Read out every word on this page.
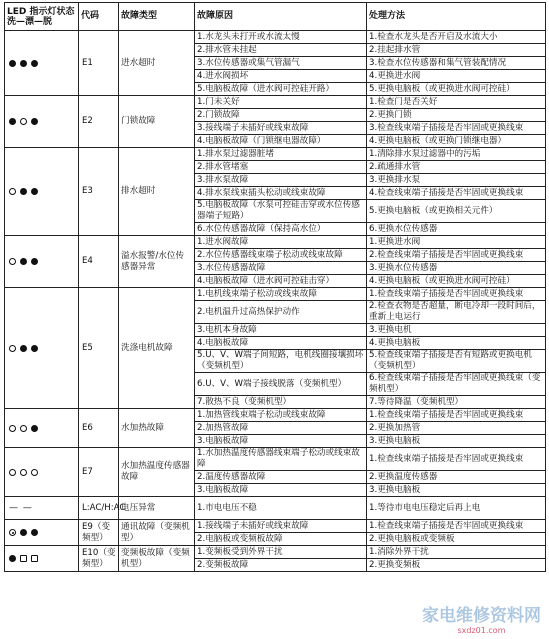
LED 指示灯状态
洗—漂—脱	代码	故障类型	故障原因	处理方法

	E1	进水超时	1.水龙头未打开或水流太慢	1.检查水龙头是否开启及水流大小
			2.排水管未挂起	2.挂起排水管
			3.水位传感器或集气管漏气	3.检查水位传感器和集气管装配情况
			4.进水阀损坏	4.更换进水阀
			5.电脑板故障（进水阀可控硅开路）	5.更换电脑板（或更换进水阀可控硅）

	E2	门锁故障	1.门未关好	1.检查门是否关好
			2.门锁故障	2.更换门锁
			3.接线端子未插好或线束故障	3.检查线束端子插接是否牢固或更换线束
			4.电脑板故障（门锁继电器故障）	4.更换电脑板（或更换门锁继电器）

	E3	排水超时	1.排水泵过滤器脏堵	1.清除排水泵过滤器中的污垢
			2.排水管堵塞	2.疏通排水管
			3.排水泵故障	3.更换排水泵
			4.排水泵线束插头松动或线束故障	4.检查线束端子插接是否牢固或更换线束
			5.电脑板故障（水泵可控硅击穿或水位传感器端子短路）	5.更换电脑板（或更换相关元件）
			6.水位传感器故障（保持高水位）	6.更换水位传感器

	E4	溢水报警/水位传感器异常	1.进水阀故障	1.更换进水阀
			2.水位传感器线束端子松动或线束故障	2.检查线束端子插接是否牢固或更换线束
			3.水位传感器故障	3.更换水位传感器
			4.电脑板故障（进水阀可控硅击穿）	4.更换电脑板（或更换进水阀可控硅）

	E5	洗涤电机故障	1.电机线束端子松动或线束故障	1.检查线束端子插接是否牢固或更换线束
			2.电机温升过高热保护动作	2.检查衣物是否超量，断电冷却一段时间后，重新上电运行
			3.电机本身故障	3.更换电机
			4.电脑板故障	4.更换电脑板
			5.U、V、W端子间短路，电机线圈接壤损坏（变频机型）	5.检查线束端子插接是否有短路或更换电机（变频机型）
			6.U、V、W端子接线脱落（变频机型）	6.检查线束端子插接是否牢固或更换线束（变频机型）
			7.散热不良（变频机型）	7.等待降温（变频机型）

	E6	水加热故障	1.加热管线束端子松动或线束故障	1.检查线束端子插接是否牢固或更换线束
			2.加热管故障	2.更换加热管
			3.电脑板故障	3.更换电脑板

	E7	水加热温度传感器故障	1.水加热温度传感器线束端子松动或线束故障	1.检查线束端子插接是否牢固或更换线束
			2.温度传感器故障	2.更换温度传感器
			3.电脑板故障	3.更换电脑板

— —	L:AC/H:AC	电压异常	1.市电电压不稳	1.等待市电电压稳定后再上电

	E9（变频型）	通讯故障（变频机型）	1.接线端子未插好或线束故障	1.检查线束端子插接是否牢固或更换线束
			2.电脑板或变频板故障	2.更换电脑板或变频板

	E10（变频型）	变频板故障（变频机型）	1.变频板受到外界干扰	1.消除外界干扰
			2.变频板故障	2.更换变频板
家电维修资料网
sxdz01.com
